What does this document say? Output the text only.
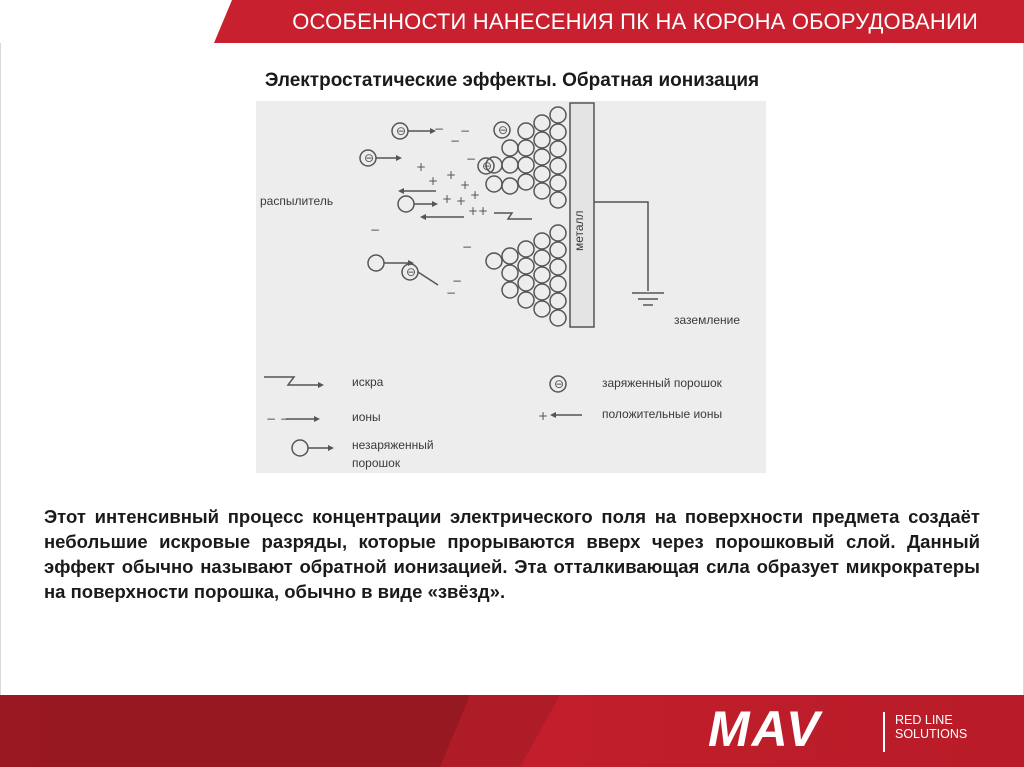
ОСОБЕННОСТИ НАНЕСЕНИЯ ПК НА КОРОНА ОБОРУДОВАНИИ
Электростатические эффекты. Обратная ионизация
⊖
⊖
⊖
⊖
⊖
−
−
−
−
+
+ +
+
+ + +
+ +
−
−
−
−
− −
⊖
+
распылитель
металл
заземление
искра
ионы
незаряженный
порошок
заряженный порошок
положительные ионы
Этот интенсивный процесс концентрации электрического поля на поверхности предмета создаёт небольшие искровые разряды, которые прорываются вверх через порошковый слой. Данный эффект обычно называют обратной ионизацией. Эта отталкивающая сила образует микрократеры на поверхности порошка, обычно в виде «звёзд».
MAV	RED LINE
SOLUTIONS
